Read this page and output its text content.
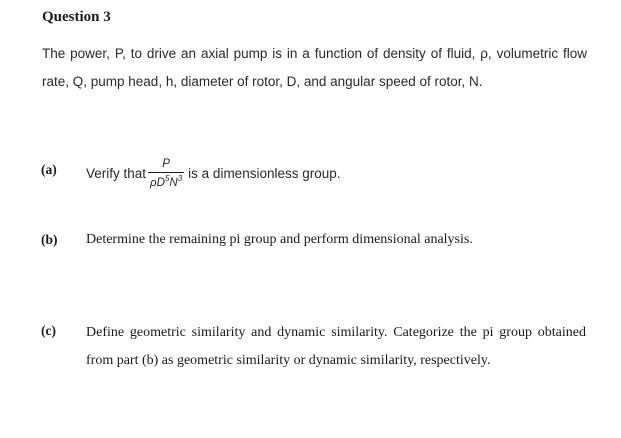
Question 3
The power, P, to drive an axial pump is in a function of density of fluid, ρ, volumetric flow rate, Q, pump head, h, diameter of rotor, D, and angular speed of rotor, N.
(a) Verify that $\frac{P}{\rho D^5N^3}$ is a dimensionless group.
(b) Determine the remaining pi group and perform dimensional analysis.
(c) Define geometric similarity and dynamic similarity. Categorize the pi group obtained from part (b) as geometric similarity or dynamic similarity, respectively.
